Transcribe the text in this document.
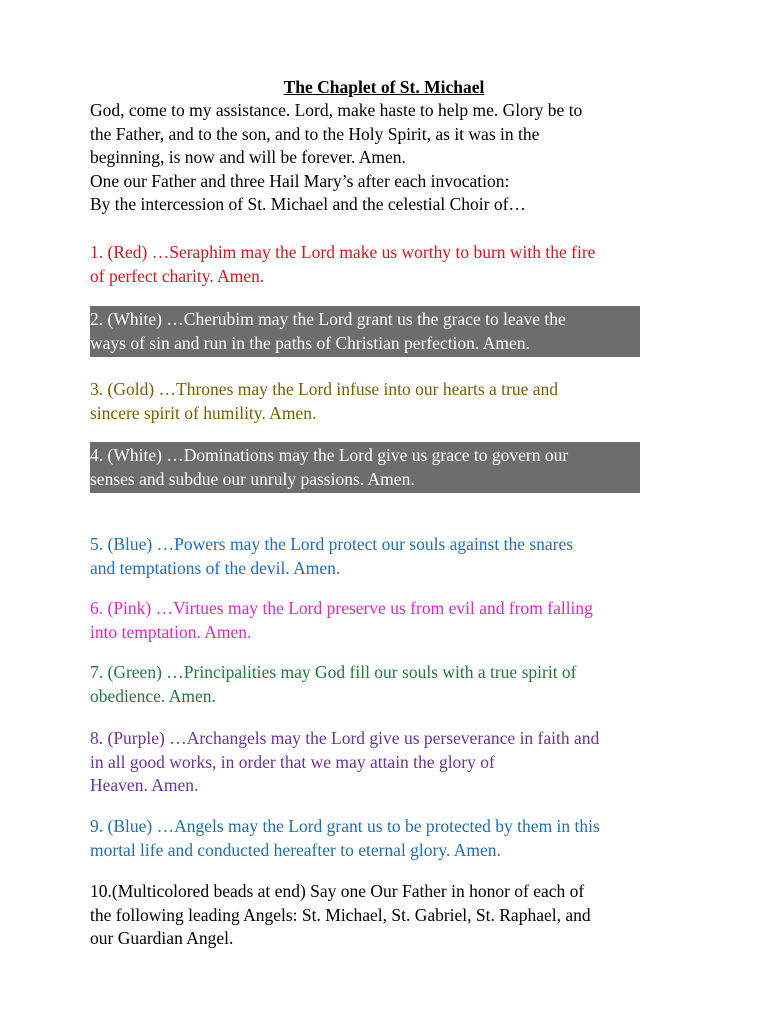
The Chaplet of St. Michael

God, come to my assistance. Lord, make haste to help me. Glory be to

the Father, and to the son, and to the Holy Spirit, as it was in the

beginning, is now and will be forever. Amen.

One our Father and three Hail Mary’s after each invocation:

By the intercession of St. Michael and the celestial Choir of…

1. (Red) …Seraphim may the Lord make us worthy to burn with the fire
of perfect charity. Amen.
2. (White) …Cherubim may the Lord grant us the grace to leave the
ways of sin and run in the paths of Christian perfection. Amen.
3. (Gold) …Thrones may the Lord infuse into our hearts a true and
sincere spirit of humility. Amen.
4. (White) …Dominations may the Lord give us grace to govern our
senses and subdue our unruly passions. Amen.
5. (Blue) …Powers may the Lord protect our souls against the snares
and temptations of the devil. Amen.
6. (Pink) …Virtues may the Lord preserve us from evil and from falling
into temptation. Amen.
7. (Green) …Principalities may God fill our souls with a true spirit of
obedience. Amen.
8. (Purple) …Archangels may the Lord give us perseverance in faith and
in all good works, in order that we may attain the glory of
Heaven. Amen.
9. (Blue) …Angels may the Lord grant us to be protected by them in this
mortal life and conducted hereafter to eternal glory. Amen.
10.(Multicolored beads at end) Say one Our Father in honor of each of
the following leading Angels: St. Michael, St. Gabriel, St. Raphael, and
our Guardian Angel.
